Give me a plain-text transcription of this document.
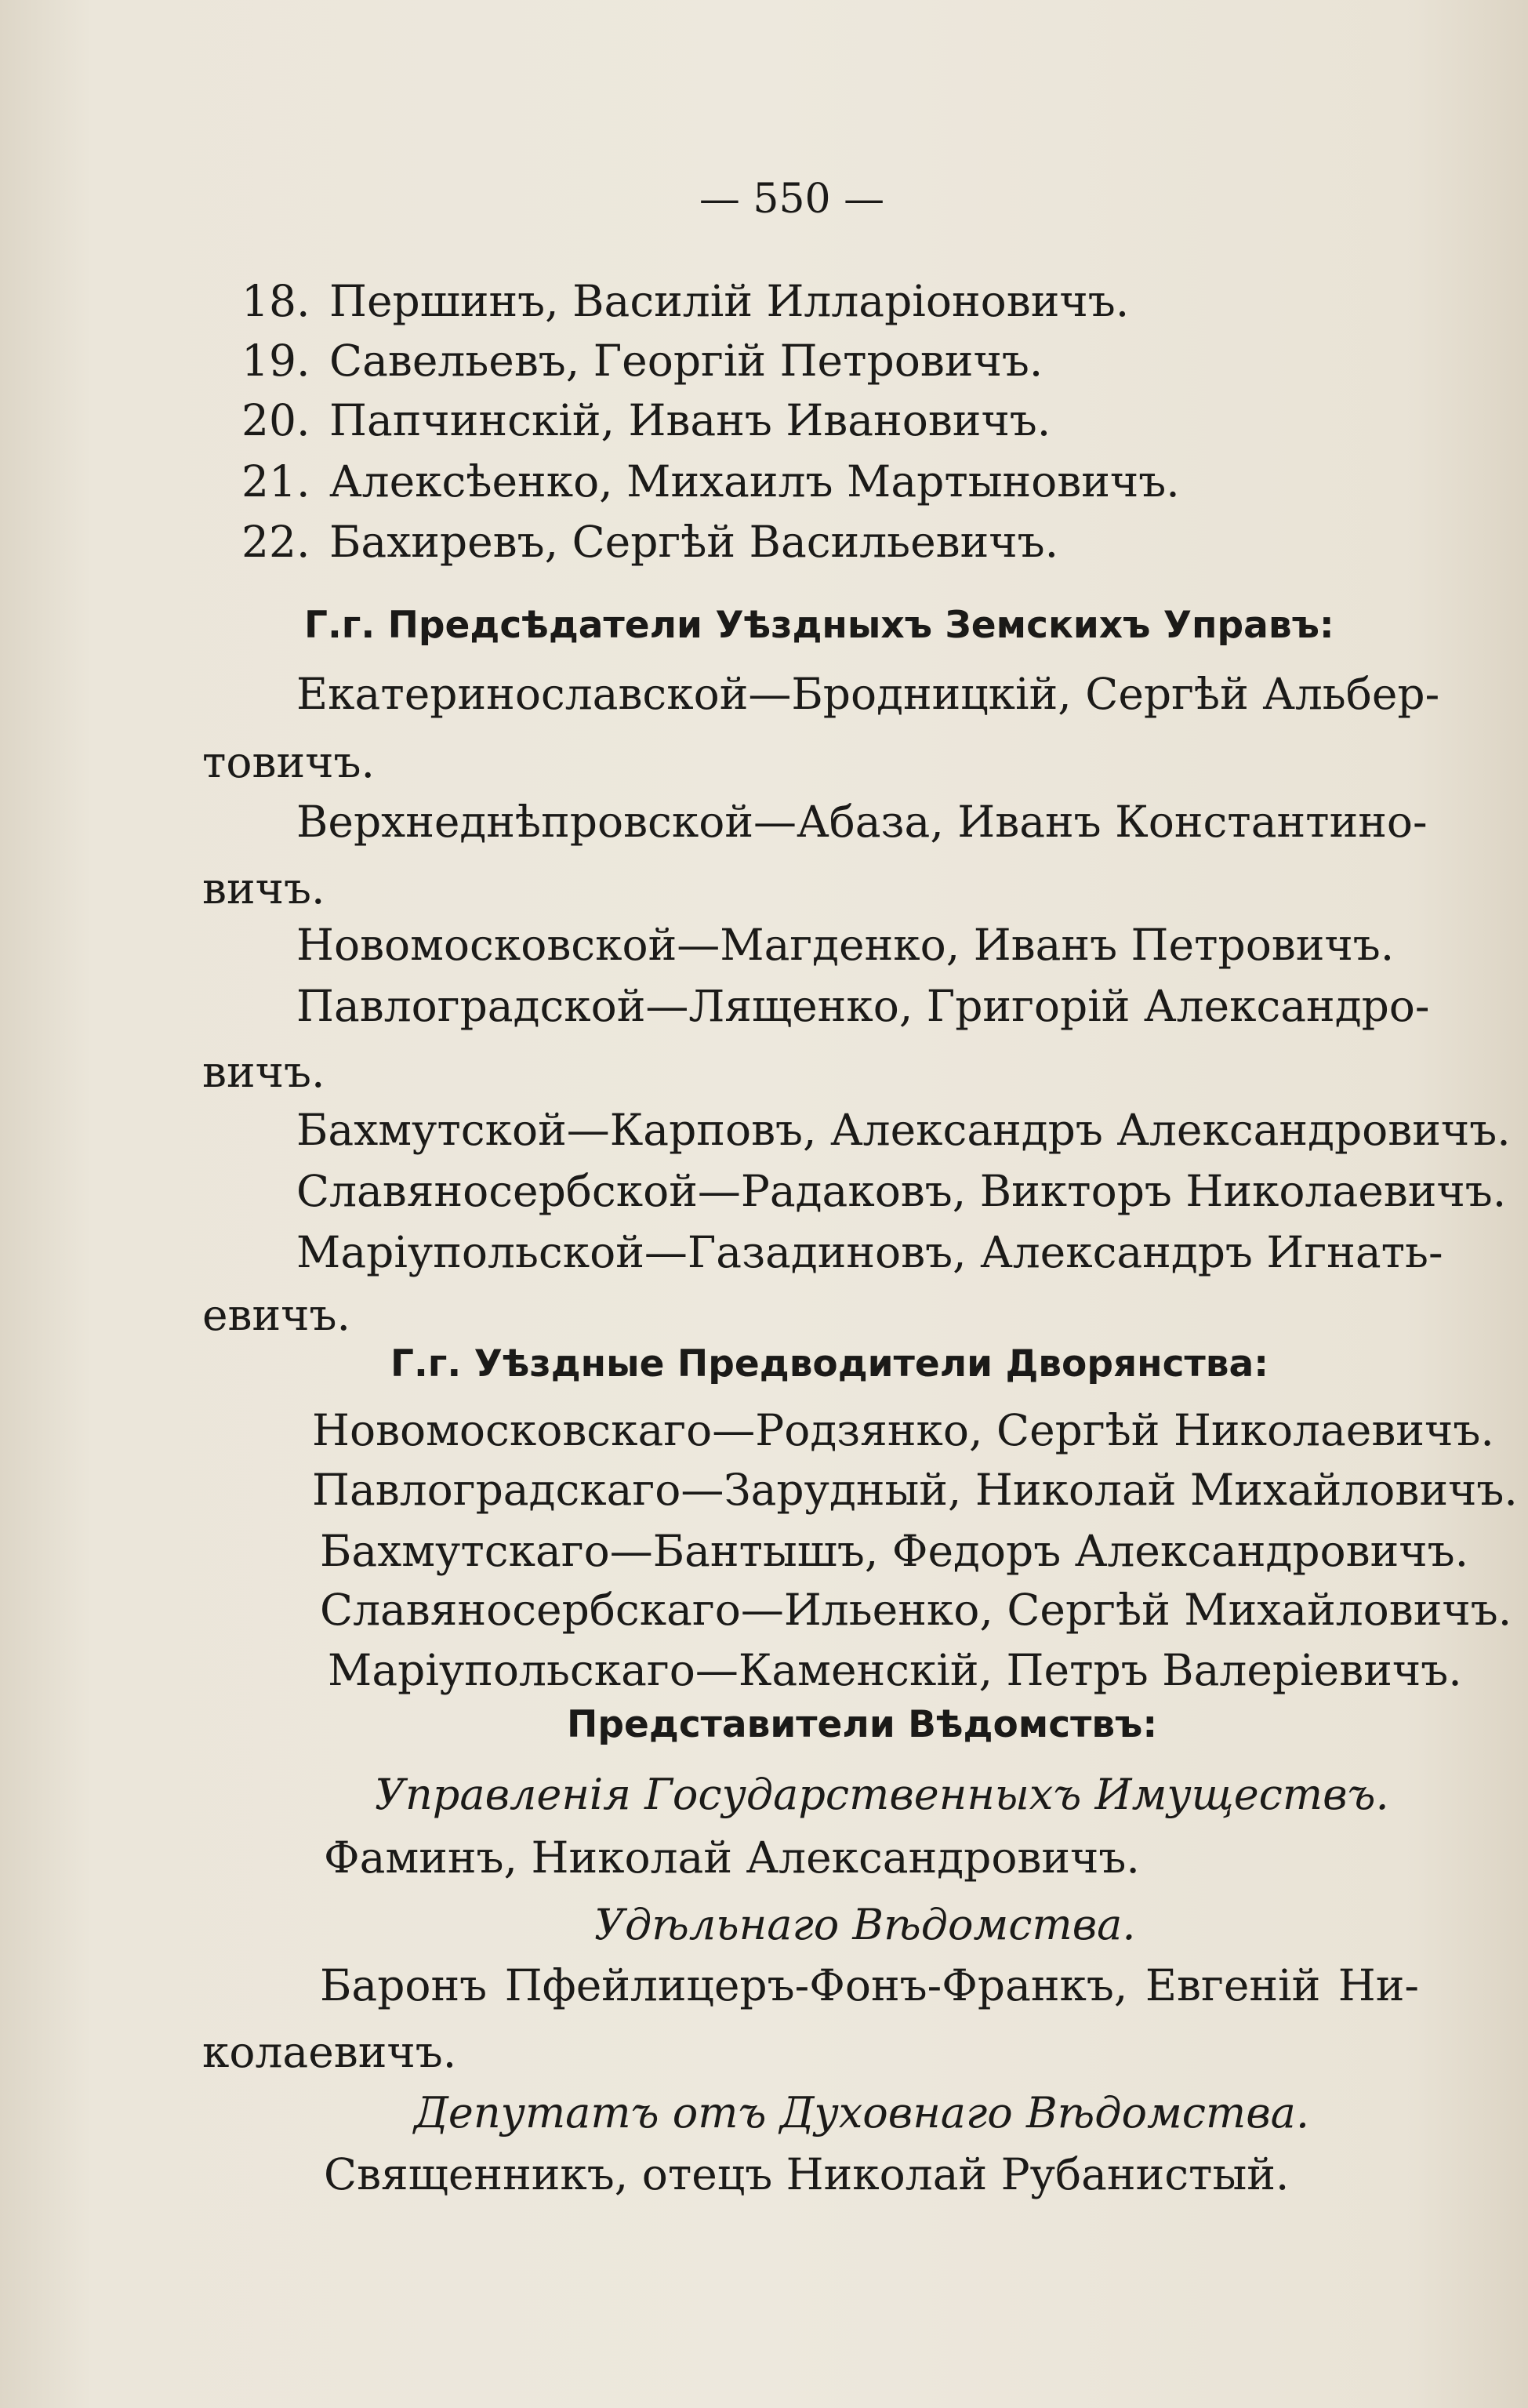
— 550 —
18. Першинъ, Василій Илларіоновичъ.
19. Савельевъ, Георгій Петровичъ.
20. Папчинскій, Иванъ Ивановичъ.
21. Алексѣенко, Михаилъ Мартыновичъ.
22. Бахиревъ, Сергѣй Васильевичъ.
Г.г. Предсѣдатели Уѣздныхъ Земскихъ Управъ:
Екатеринославской—Бродницкій, Сергѣй Альбер-
товичъ.
Верхнеднѣпровской—Абаза, Иванъ Константино-
вичъ.
Новомосковской—Магденко, Иванъ Петровичъ.
Павлоградской—Лященко, Григорій Александро-
вичъ.
Бахмутской—Карповъ, Александръ Александровичъ.
Славяносербской—Радаковъ, Викторъ Николаевичъ.
Маріупольской—Газадиновъ, Александръ Игнать-
евичъ.
Г.г. Уѣздные Предводители Дворянства:
Новомосковскаго—Родзянко, Сергѣй Николаевичъ.
Павлоградскаго—Зарудный, Николай Михайловичъ.
Бахмутскаго—Бантышъ, Федоръ Александровичъ.
Славяносербскаго—Ильенко, Сергѣй Михайловичъ.
Маріупольскаго—Каменскій, Петръ Валеріевичъ.
Представители Вѣдомствъ:
Управленія Государственныхъ Имуществъ.
Фаминъ, Николай Александровичъ.
Удѣльнаго Вѣдомства.
Баронъ Пфейлицеръ-Фонъ-Франкъ, Евгеній Ни-
колаевичъ.
Депутатъ отъ Духовнаго Вѣдомства.
Священникъ, отецъ Николай Рубанистый.
